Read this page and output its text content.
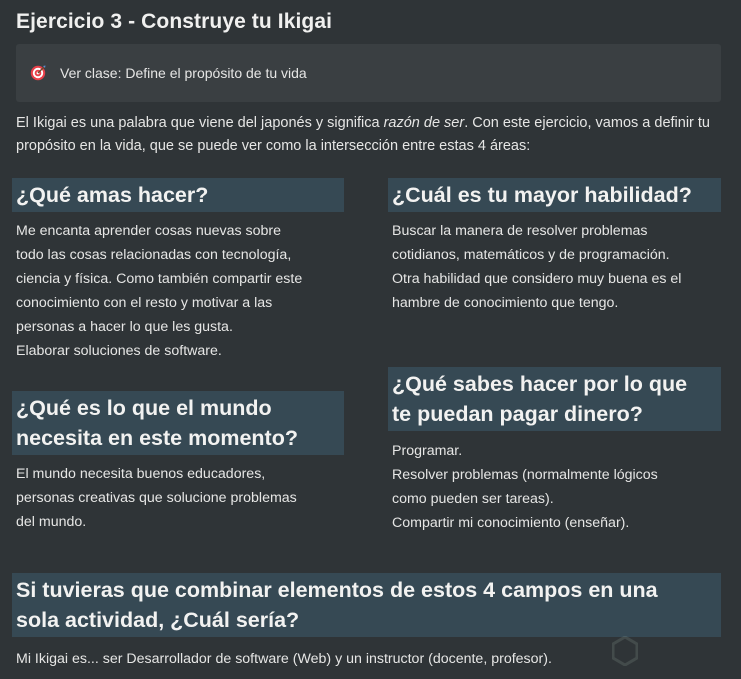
Ejercicio 3 - Construye tu Ikigai
Ver clase: Define el propósito de tu vida
El Ikigai es una palabra que viene del japonés y significa razón de ser. Con este ejercicio, vamos a definir tu propósito en la vida, que se puede ver como la intersección entre estas 4 áreas:
¿Qué amas hacer?
Me encanta aprender cosas nuevas sobre
todo las cosas relacionadas con tecnología,
ciencia y física. Como también compartir este
conocimiento con el resto y motivar a las
personas a hacer lo que les gusta.
Elaborar soluciones de software.
¿Cuál es tu mayor habilidad?
Buscar la manera de resolver problemas
cotidianos, matemáticos y de programación.
Otra habilidad que considero muy buena es el
hambre de conocimiento que tengo.
¿Qué es lo que el mundo
necesita en este momento?
El mundo necesita buenos educadores,
personas creativas que solucione problemas
del mundo.
¿Qué sabes hacer por lo que
te puedan pagar dinero?
Programar.
Resolver problemas (normalmente lógicos
como pueden ser tareas).
Compartir mi conocimiento (enseñar).
Si tuvieras que combinar elementos de estos 4 campos en una
sola actividad, ¿Cuál sería?
Mi Ikigai es... ser Desarrollador de software (Web) y un instructor (docente, profesor).
